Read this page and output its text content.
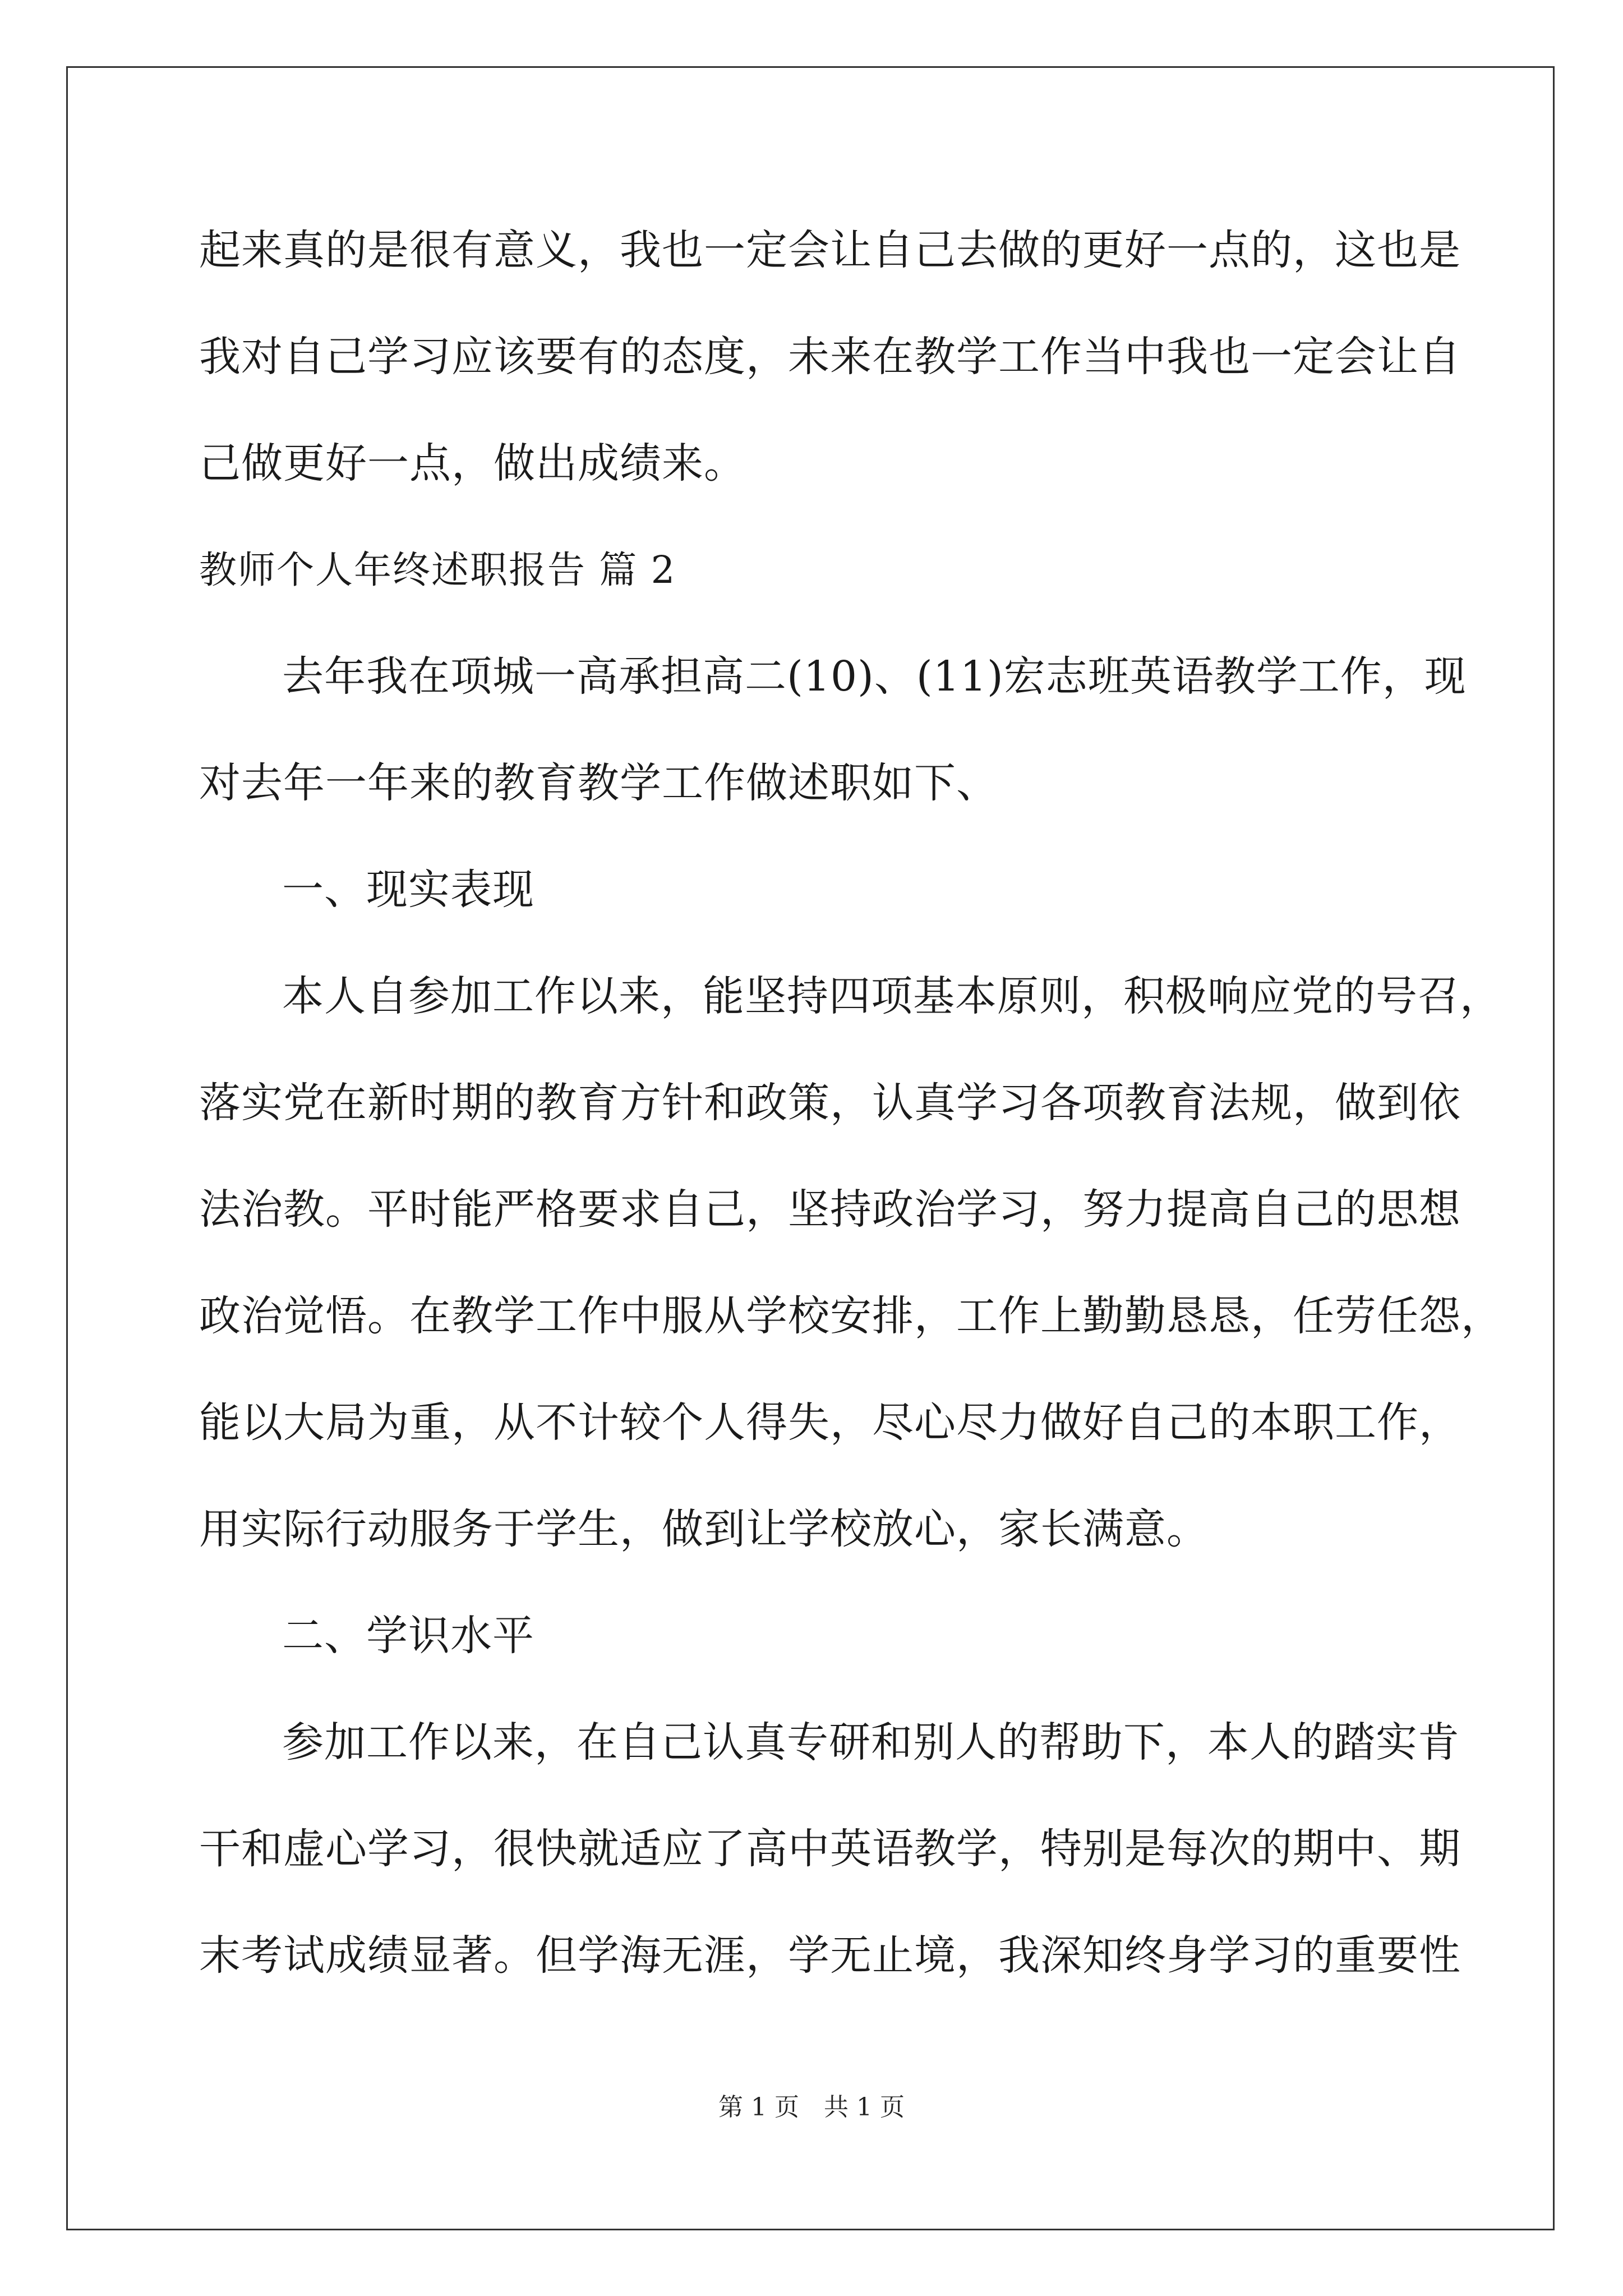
起来真的是很有意义，我也一定会让自己去做的更好一点的，这也是
我对自己学习应该要有的态度，未来在教学工作当中我也一定会让自
己做更好一点，做出成绩来。
教师个人年终述职报告 篇 2
去年我在项城一高承担高二(10)、(11)宏志班英语教学工作，现
对去年一年来的教育教学工作做述职如下、
一、现实表现
本人自参加工作以来，能坚持四项基本原则，积极响应党的号召，
落实党在新时期的教育方针和政策，认真学习各项教育法规，做到依
法治教。平时能严格要求自己，坚持政治学习，努力提高自己的思想
政治觉悟。在教学工作中服从学校安排，工作上勤勤恳恳，任劳任怨，
能以大局为重，从不计较个人得失，尽心尽力做好自己的本职工作，
用实际行动服务于学生，做到让学校放心，家长满意。
二、学识水平
参加工作以来，在自己认真专研和别人的帮助下，本人的踏实肯
干和虚心学习，很快就适应了高中英语教学，特别是每次的期中、期
末考试成绩显著。但学海无涯，学无止境，我深知终身学习的重要性
第 1 页　共 1 页
